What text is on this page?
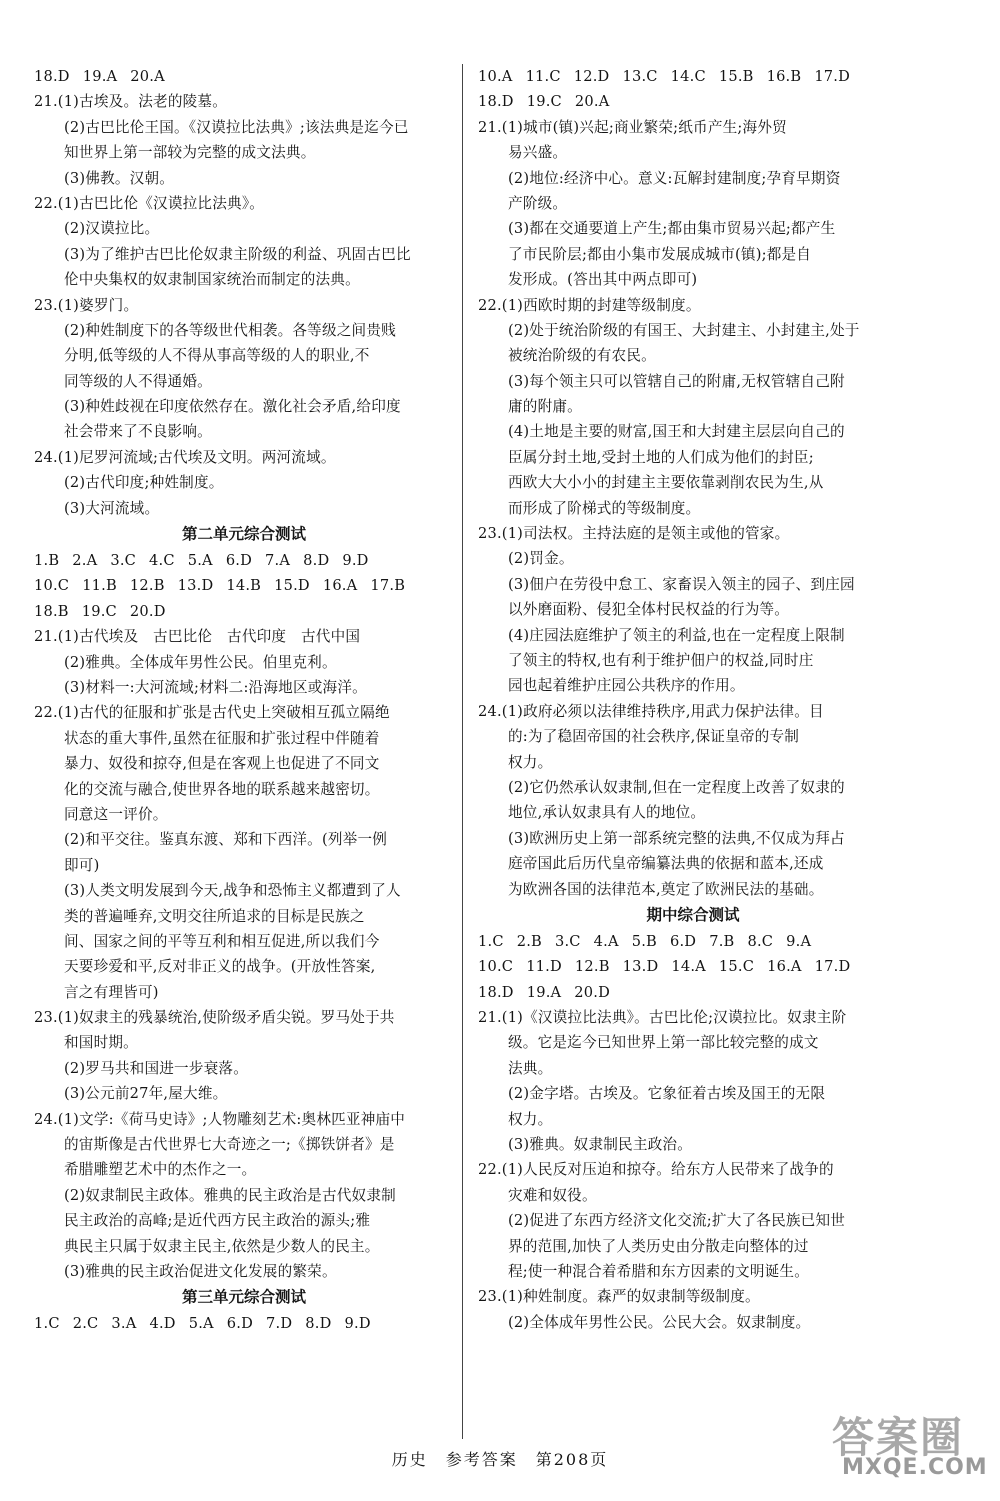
18.D 19.A 20.A
21.(1)古埃及。法老的陵墓。
(2)古巴比伦王国。《汉谟拉比法典》;该法典是迄今已
知世界上第一部较为完整的成文法典。
(3)佛教。汉朝。
22.(1)古巴比伦《汉谟拉比法典》。
(2)汉谟拉比。
(3)为了维护古巴比伦奴隶主阶级的利益、巩固古巴比
伦中央集权的奴隶制国家统治而制定的法典。
23.(1)婆罗门。
(2)种姓制度下的各等级世代相袭。各等级之间贵贱
分明,低等级的人不得从事高等级的人的职业,不
同等级的人不得通婚。
(3)种姓歧视在印度依然存在。激化社会矛盾,给印度
社会带来了不良影响。
24.(1)尼罗河流域;古代埃及文明。两河流域。
(2)古代印度;种姓制度。
(3)大河流域。
第二单元综合测试
1.B 2.A 3.C 4.C 5.A 6.D 7.A 8.D 9.D
10.C 11.B 12.B 13.D 14.B 15.D 16.A 17.B
18.B 19.C 20.D
21.(1)古代埃及　古巴比伦　古代印度　古代中国
(2)雅典。全体成年男性公民。伯里克利。
(3)材料一:大河流域;材料二:沿海地区或海洋。
22.(1)古代的征服和扩张是古代史上突破相互孤立隔绝
状态的重大事件,虽然在征服和扩张过程中伴随着
暴力、奴役和掠夺,但是在客观上也促进了不同文
化的交流与融合,使世界各地的联系越来越密切。
同意这一评价。
(2)和平交往。鉴真东渡、郑和下西洋。(列举一例
即可)
(3)人类文明发展到今天,战争和恐怖主义都遭到了人
类的普遍唾弃,文明交往所追求的目标是民族之
间、国家之间的平等互利和相互促进,所以我们今
天要珍爱和平,反对非正义的战争。(开放性答案,
言之有理皆可)
23.(1)奴隶主的残暴统治,使阶级矛盾尖锐。罗马处于共
和国时期。
(2)罗马共和国进一步衰落。
(3)公元前27年,屋大维。
24.(1)文学:《荷马史诗》;人物雕刻艺术:奥林匹亚神庙中
的宙斯像是古代世界七大奇迹之一;《掷铁饼者》是
希腊雕塑艺术中的杰作之一。
(2)奴隶制民主政体。雅典的民主政治是古代奴隶制
民主政治的高峰;是近代西方民主政治的源头;雅
典民主只属于奴隶主民主,依然是少数人的民主。
(3)雅典的民主政治促进文化发展的繁荣。
第三单元综合测试
1.C 2.C 3.A 4.D 5.A 6.D 7.D 8.D 9.D
10.A 11.C 12.D 13.C 14.C 15.B 16.B 17.D
18.D 19.C 20.A
21.(1)城市(镇)兴起;商业繁荣;纸币产生;海外贸
易兴盛。
(2)地位:经济中心。意义:瓦解封建制度;孕育早期资
产阶级。
(3)都在交通要道上产生;都由集市贸易兴起;都产生
了市民阶层;都由小集市发展成城市(镇);都是自
发形成。(答出其中两点即可)
22.(1)西欧时期的封建等级制度。
(2)处于统治阶级的有国王、大封建主、小封建主,处于
被统治阶级的有农民。
(3)每个领主只可以管辖自己的附庸,无权管辖自己附
庸的附庸。
(4)土地是主要的财富,国王和大封建主层层向自己的
臣属分封土地,受封土地的人们成为他们的封臣;
西欧大大小小的封建主主要依靠剥削农民为生,从
而形成了阶梯式的等级制度。
23.(1)司法权。主持法庭的是领主或他的管家。
(2)罚金。
(3)佃户在劳役中怠工、家畜误入领主的园子、到庄园
以外磨面粉、侵犯全体村民权益的行为等。
(4)庄园法庭维护了领主的利益,也在一定程度上限制
了领主的特权,也有利于维护佃户的权益,同时庄
园也起着维护庄园公共秩序的作用。
24.(1)政府必须以法律维持秩序,用武力保护法律。目
的:为了稳固帝国的社会秩序,保证皇帝的专制
权力。
(2)它仍然承认奴隶制,但在一定程度上改善了奴隶的
地位,承认奴隶具有人的地位。
(3)欧洲历史上第一部系统完整的法典,不仅成为拜占
庭帝国此后历代皇帝编纂法典的依据和蓝本,还成
为欧洲各国的法律范本,奠定了欧洲民法的基础。
期中综合测试
1.C 2.B 3.C 4.A 5.B 6.D 7.B 8.C 9.A
10.C 11.D 12.B 13.D 14.A 15.C 16.A 17.D
18.D 19.A 20.D
21.(1)《汉谟拉比法典》。古巴比伦;汉谟拉比。奴隶主阶
级。它是迄今已知世界上第一部比较完整的成文
法典。
(2)金字塔。古埃及。它象征着古埃及国王的无限
权力。
(3)雅典。奴隶制民主政治。
22.(1)人民反对压迫和掠夺。给东方人民带来了战争的
灾难和奴役。
(2)促进了东西方经济文化交流;扩大了各民族已知世
界的范围,加快了人类历史由分散走向整体的过
程;使一种混合着希腊和东方因素的文明诞生。
23.(1)种姓制度。森严的奴隶制等级制度。
(2)全体成年男性公民。公民大会。奴隶制度。
历史　参考答案　第208页	答案圈
MXQE.COM
